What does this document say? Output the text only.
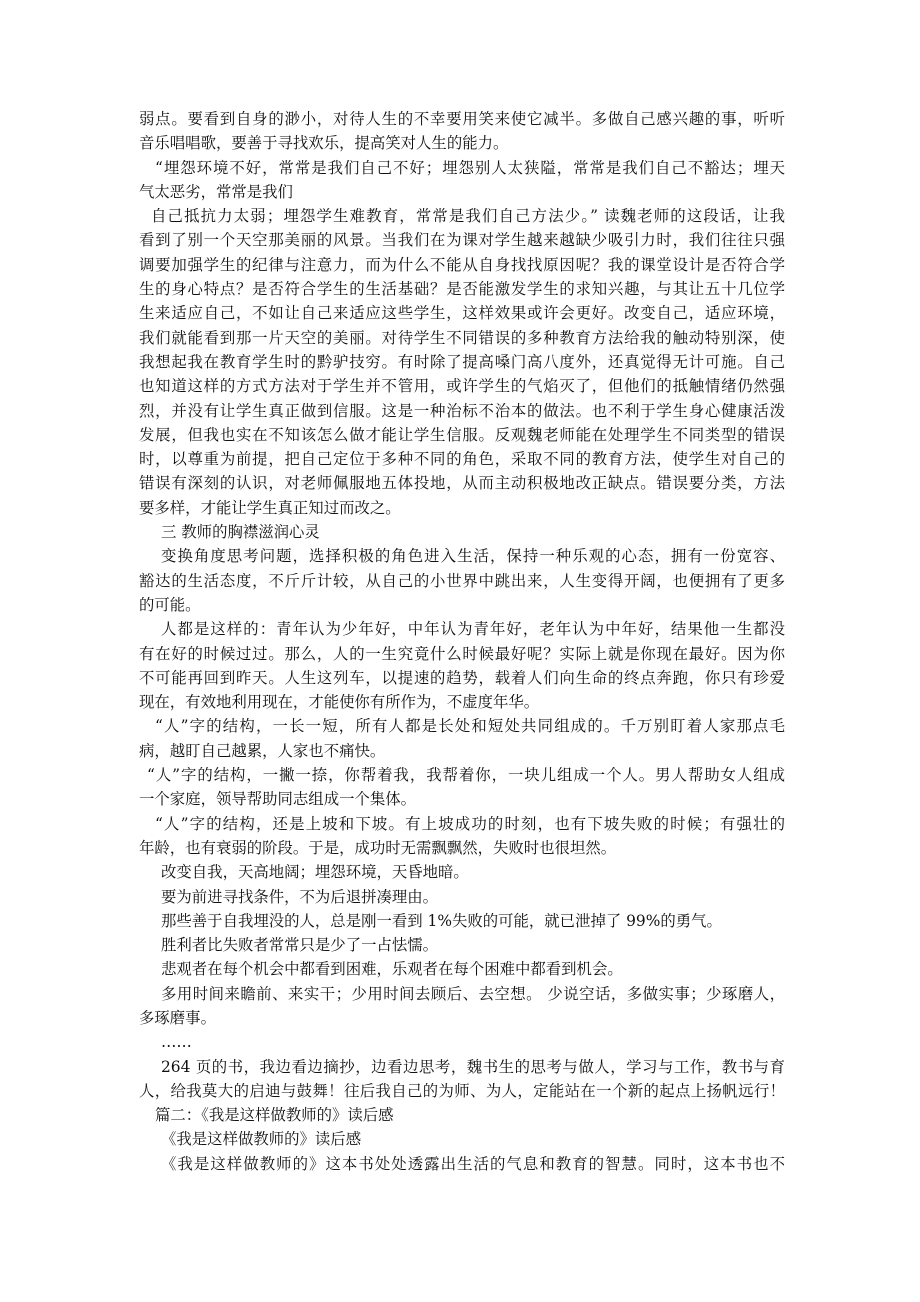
弱点。要看到自身的渺小，对待人生的不幸要用笑来使它减半。多做自己感兴趣的事，听听
音乐唱唱歌，要善于寻找欢乐，提高笑对人生的能力。
“埋怨环境不好，常常是我们自己不好；埋怨别人太狭隘，常常是我们自己不豁达；埋天
气太恶劣，常常是我们
自己抵抗力太弱；埋怨学生难教育，常常是我们自己方法少。” 读魏老师的这段话，让我
看到了别一个天空那美丽的风景。当我们在为课对学生越来越缺少吸引力时，我们往往只强
调要加强学生的纪律与注意力，而为什么不能从自身找找原因呢？我的课堂设计是否符合学
生的身心特点？是否符合学生的生活基础？是否能激发学生的求知兴趣，与其让五十几位学
生来适应自己，不如让自己来适应这些学生，这样效果或许会更好。改变自己，适应环境，
我们就能看到那一片天空的美丽。对待学生不同错误的多种教育方法给我的触动特别深，使
我想起我在教育学生时的黔驴技穷。有时除了提高嗓门高八度外，还真觉得无计可施。自己
也知道这样的方式方法对于学生并不管用，或许学生的气焰灭了，但他们的抵触情绪仍然强
烈，并没有让学生真正做到信服。这是一种治标不治本的做法。也不利于学生身心健康活泼
发展，但我也实在不知该怎么做才能让学生信服。反观魏老师能在处理学生不同类型的错误
时，以尊重为前提，把自己定位于多种不同的角色，采取不同的教育方法，使学生对自己的
错误有深刻的认识，对老师佩服地五体投地，从而主动积极地改正缺点。错误要分类，方法
要多样，才能让学生真正知过而改之。
三 教师的胸襟滋润心灵
变换角度思考问题，选择积极的角色进入生活，保持一种乐观的心态，拥有一份宽容、
豁达的生活态度，不斤斤计较，从自己的小世界中跳出来，人生变得开阔，也便拥有了更多
的可能。
人都是这样的：青年认为少年好，中年认为青年好，老年认为中年好，结果他一生都没
有在好的时候过过。那么，人的一生究竟什么时候最好呢？实际上就是你现在最好。因为你
不可能再回到昨天。人生这列车，以提速的趋势，载着人们向生命的终点奔跑，你只有珍爱
现在，有效地利用现在，才能使你有所作为，不虚度年华。
“人”字的结构，一长一短，所有人都是长处和短处共同组成的。千万别盯着人家那点毛
病，越盯自己越累，人家也不痛快。
“人”字的结构，一撇一捺，你帮着我，我帮着你，一块儿组成一个人。男人帮助女人组成
一个家庭，领导帮助同志组成一个集体。
“人”字的结构，还是上坡和下坡。有上坡成功的时刻，也有下坡失败的时候；有强壮的
年龄，也有衰弱的阶段。于是，成功时无需飘飘然，失败时也很坦然。
改变自我，天高地阔；埋怨环境，天昏地暗。
要为前进寻找条件，不为后退拼凑理由。
那些善于自我埋没的人，总是刚一看到 1%失败的可能，就已泄掉了 99%的勇气。
胜利者比失败者常常只是少了一占怯懦。
悲观者在每个机会中都看到困难，乐观者在每个困难中都看到机会。
多用时间来瞻前、来实干；少用时间去顾后、去空想。 少说空话，多做实事；少琢磨人，
多琢磨事。
……
264 页的书，我边看边摘抄，边看边思考，魏书生的思考与做人，学习与工作，教书与育
人，给我莫大的启迪与鼓舞！往后我自己的为师、为人，定能站在一个新的起点上扬帆远行！
篇二：《我是这样做教师的》读后感
《我是这样做教师的》读后感
《我是这样做教师的》这本书处处透露出生活的气息和教育的智慧。同时，这本书也不
